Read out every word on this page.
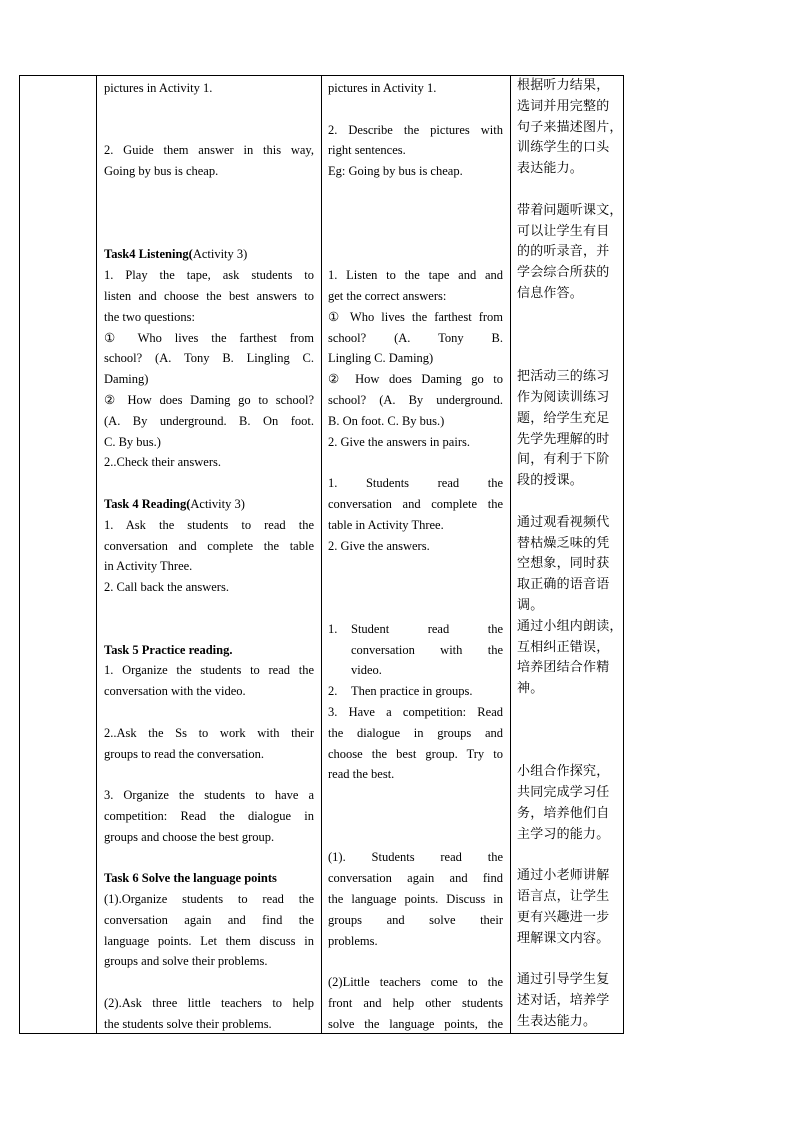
pictures in Activity 1.

2. Guide them answer in this way,

Going by bus is cheap.

Task4 Listening(Activity 3)

1. Play the tape, ask students to

listen and choose the best answers to

the two questions:

① Who lives the farthest from

school? (A. Tony B. Lingling C.

Daming)

② How does Daming go to school?

(A. By underground. B. On foot.

C. By bus.)

2..Check their answers.

Task 4 Reading(Activity 3)

1. Ask the students to read the

conversation and complete the table

in Activity Three.

2. Call back the answers.

Task 5 Practice reading.

1. Organize the students to read the

conversation with the video.

2..Ask the Ss to work with their

groups to read the conversation.

3. Organize the students to have a

competition: Read the dialogue in

groups and choose the best group.

Task 6 Solve the language points

(1).Organize students to read the

conversation again and find the

language points. Let them discuss in

groups and solve their problems.

(2).Ask three little teachers to help

the students solve their problems.

pictures in Activity 1.

2. Describe the pictures with

right sentences.

Eg: Going by bus is cheap.

1. Listen to the tape and and

get the correct answers:

① Who lives the farthest from

school? (A. Tony B.

Lingling C. Daming)

② How does Daming go to

school? (A. By underground.

B. On foot. C. By bus.)

2. Give the answers in pairs.

1. Students read the

conversation and complete the

table in Activity Three.

2. Give the answers.

1.	Student read the

conversation with the

video.

2.	Then practice in groups.

3. Have a competition: Read

the dialogue in groups and

choose the best group. Try to

read the best.

(1). Students read the

conversation again and find

the language points. Discuss in

groups and solve their

problems.

(2)Little teachers come to the

front and help other students

solve the language points, the

根据听力结果，

选词并用完整的

句子来描述图片，

训练学生的口头

表达能力。

带着问题听课文，

可以让学生有目

的的听录音，并

学会综合所获的

信息作答。

把活动三的练习

作为阅读训练习

题，给学生充足

先学先理解的时

间，有利于下阶

段的授课。

通过观看视频代

替枯燥乏味的凭

空想象，同时获

取正确的语音语

调。

通过小组内朗读，

互相纠正错误，

培养团结合作精

神。

小组合作探究，

共同完成学习任

务，培养他们自

主学习的能力。

通过小老师讲解

语言点，让学生

更有兴趣进一步

理解课文内容。

通过引导学生复

述对话，培养学

生表达能力。
